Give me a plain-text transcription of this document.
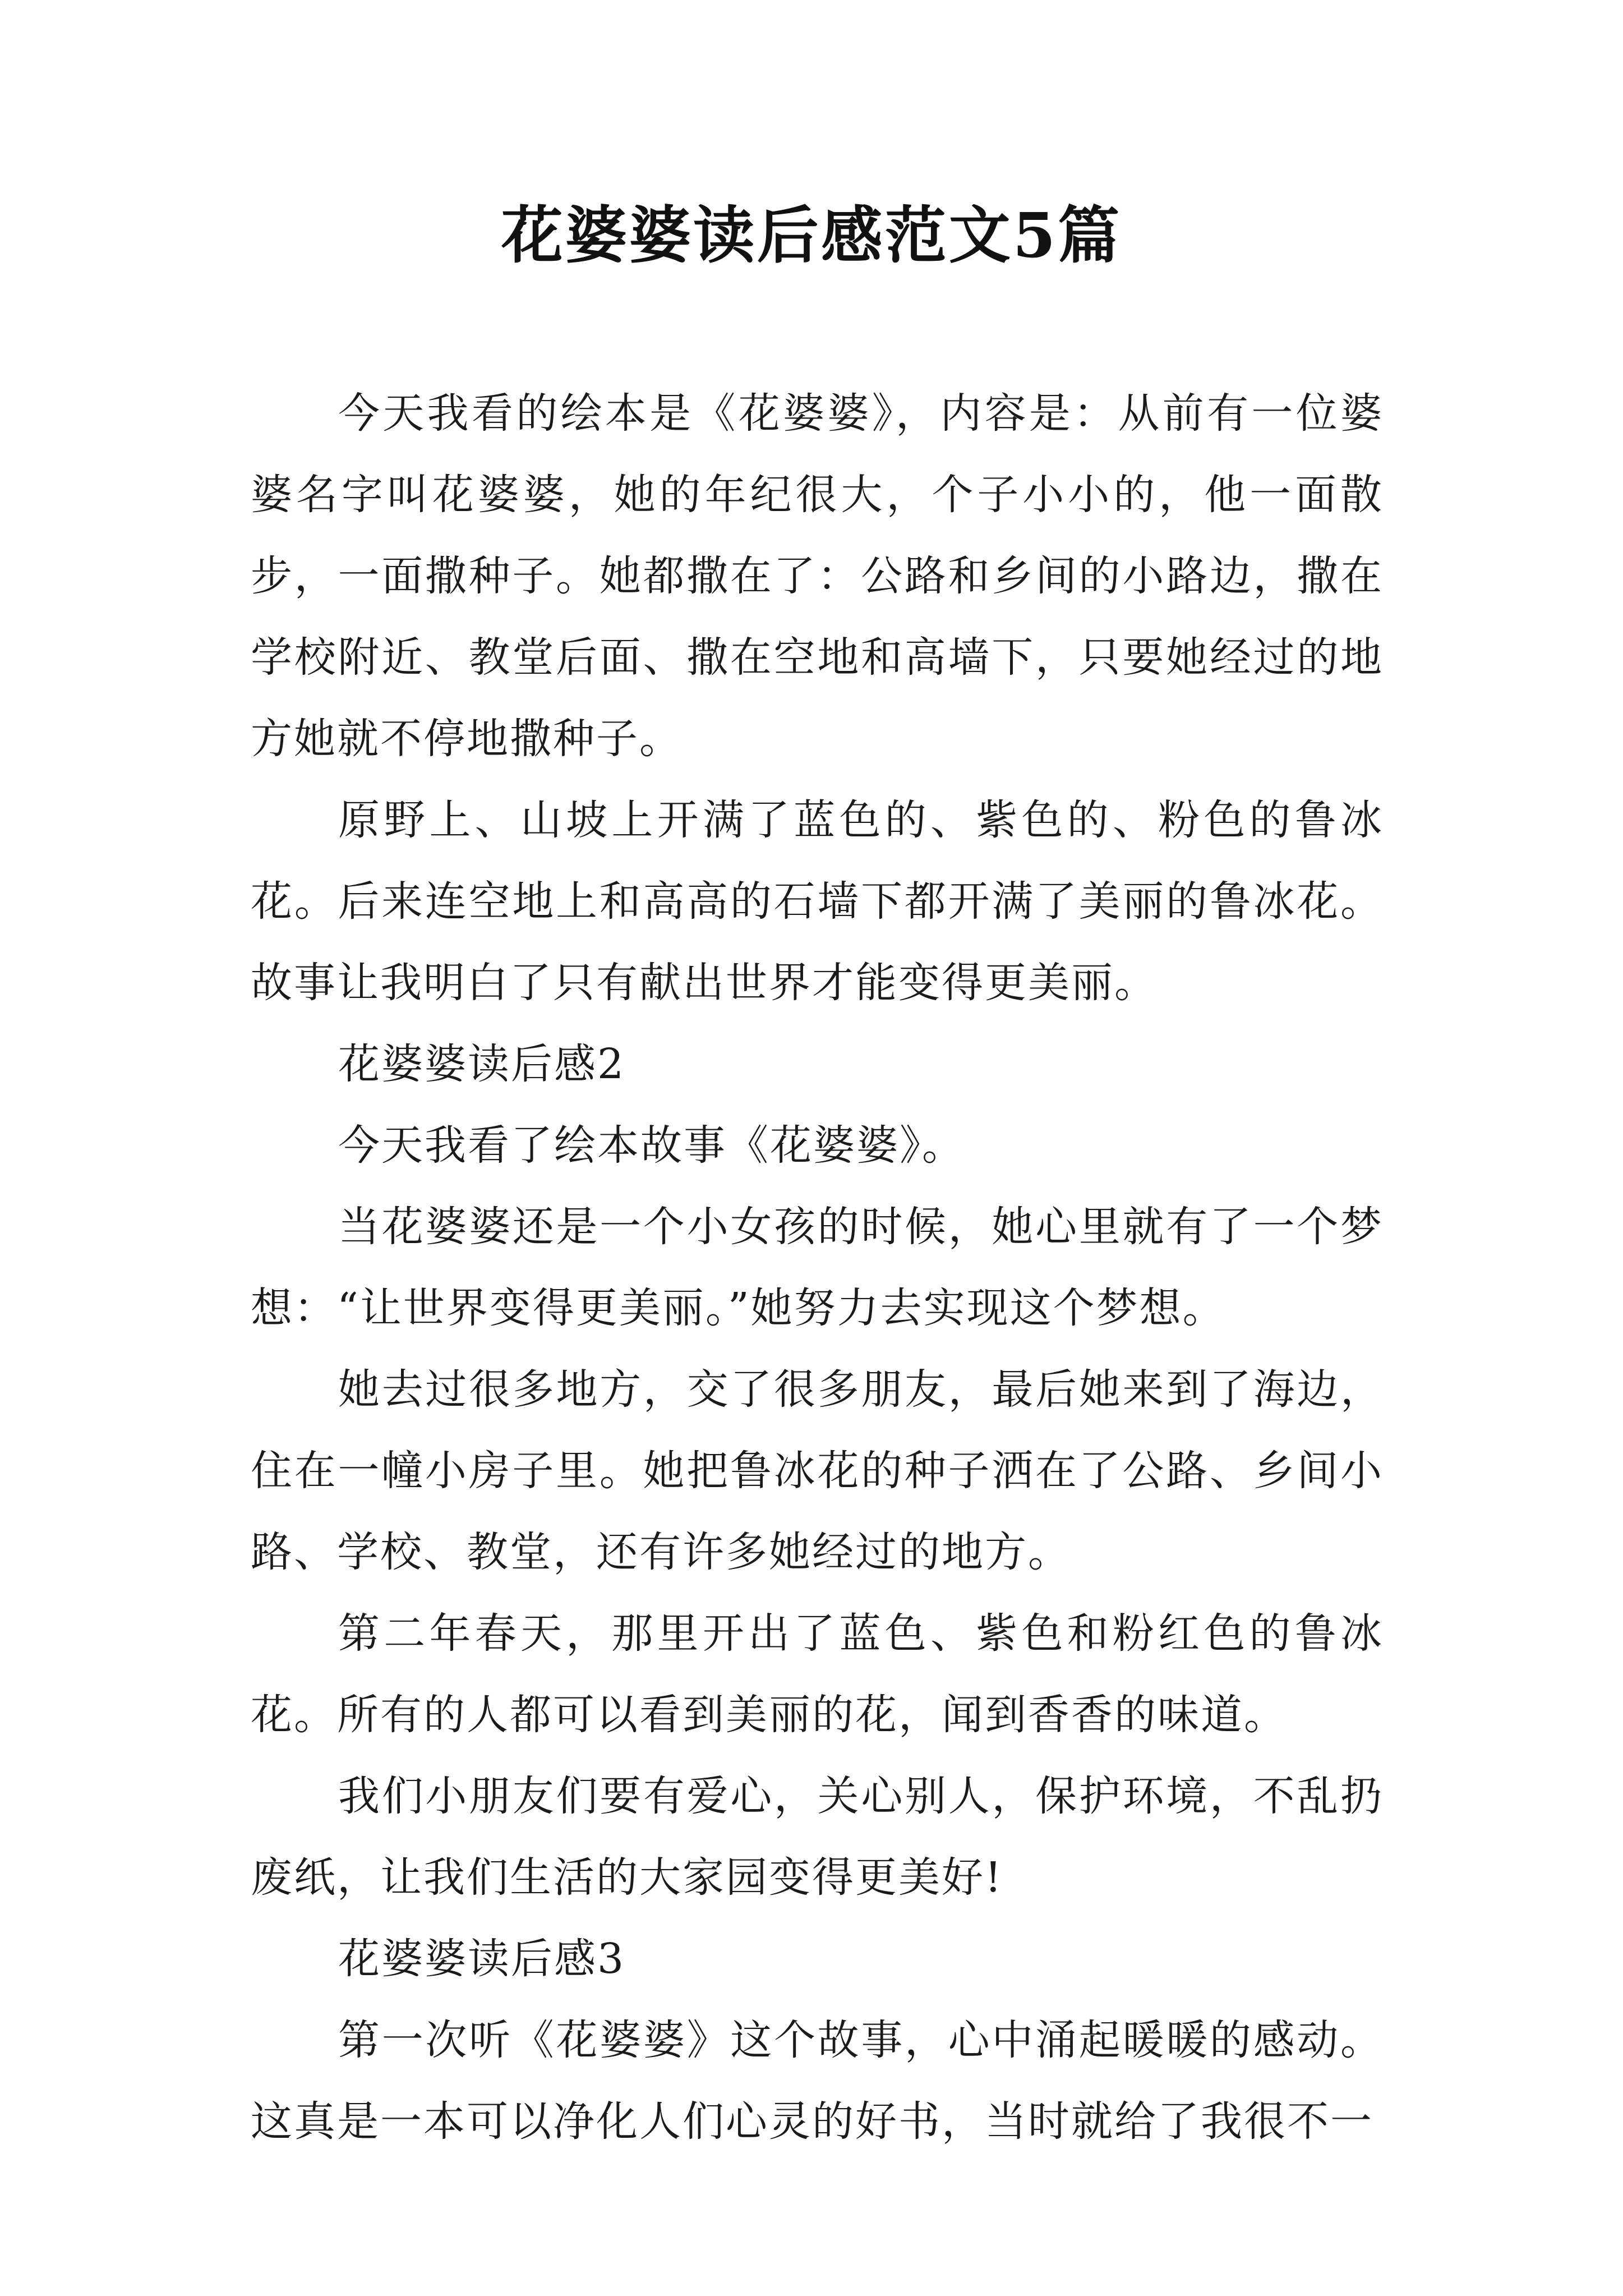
花婆婆读后感范文5篇

今天我看的绘本是《花婆婆》，内容是：从前有一位婆婆名字叫花婆婆，她的年纪很大，个子小小的，他一面散步，一面撒种子。她都撒在了：公路和乡间的小路边，撒在学校附近、教堂后面、撒在空地和高墙下，只要她经过的地方她就不停地撒种子。

原野上、山坡上开满了蓝色的、紫色的、粉色的鲁冰花。后来连空地上和高高的石墙下都开满了美丽的鲁冰花。故事让我明白了只有献出世界才能变得更美丽。

花婆婆读后感2

今天我看了绘本故事《花婆婆》。

当花婆婆还是一个小女孩的时候，她心里就有了一个梦想：“让世界变得更美丽。”她努力去实现这个梦想。

她去过很多地方，交了很多朋友，最后她来到了海边，住在一幢小房子里。她把鲁冰花的种子洒在了公路、乡间小路、学校、教堂，还有许多她经过的地方。

第二年春天，那里开出了蓝色、紫色和粉红色的鲁冰花。所有的人都可以看到美丽的花，闻到香香的味道。

我们小朋友们要有爱心，关心别人，保护环境，不乱扔废纸，让我们生活的大家园变得更美好!

花婆婆读后感3

第一次听《花婆婆》这个故事，心中涌起暖暖的感动。这真是一本可以净化人们心灵的好书，当时就给了我很不一
